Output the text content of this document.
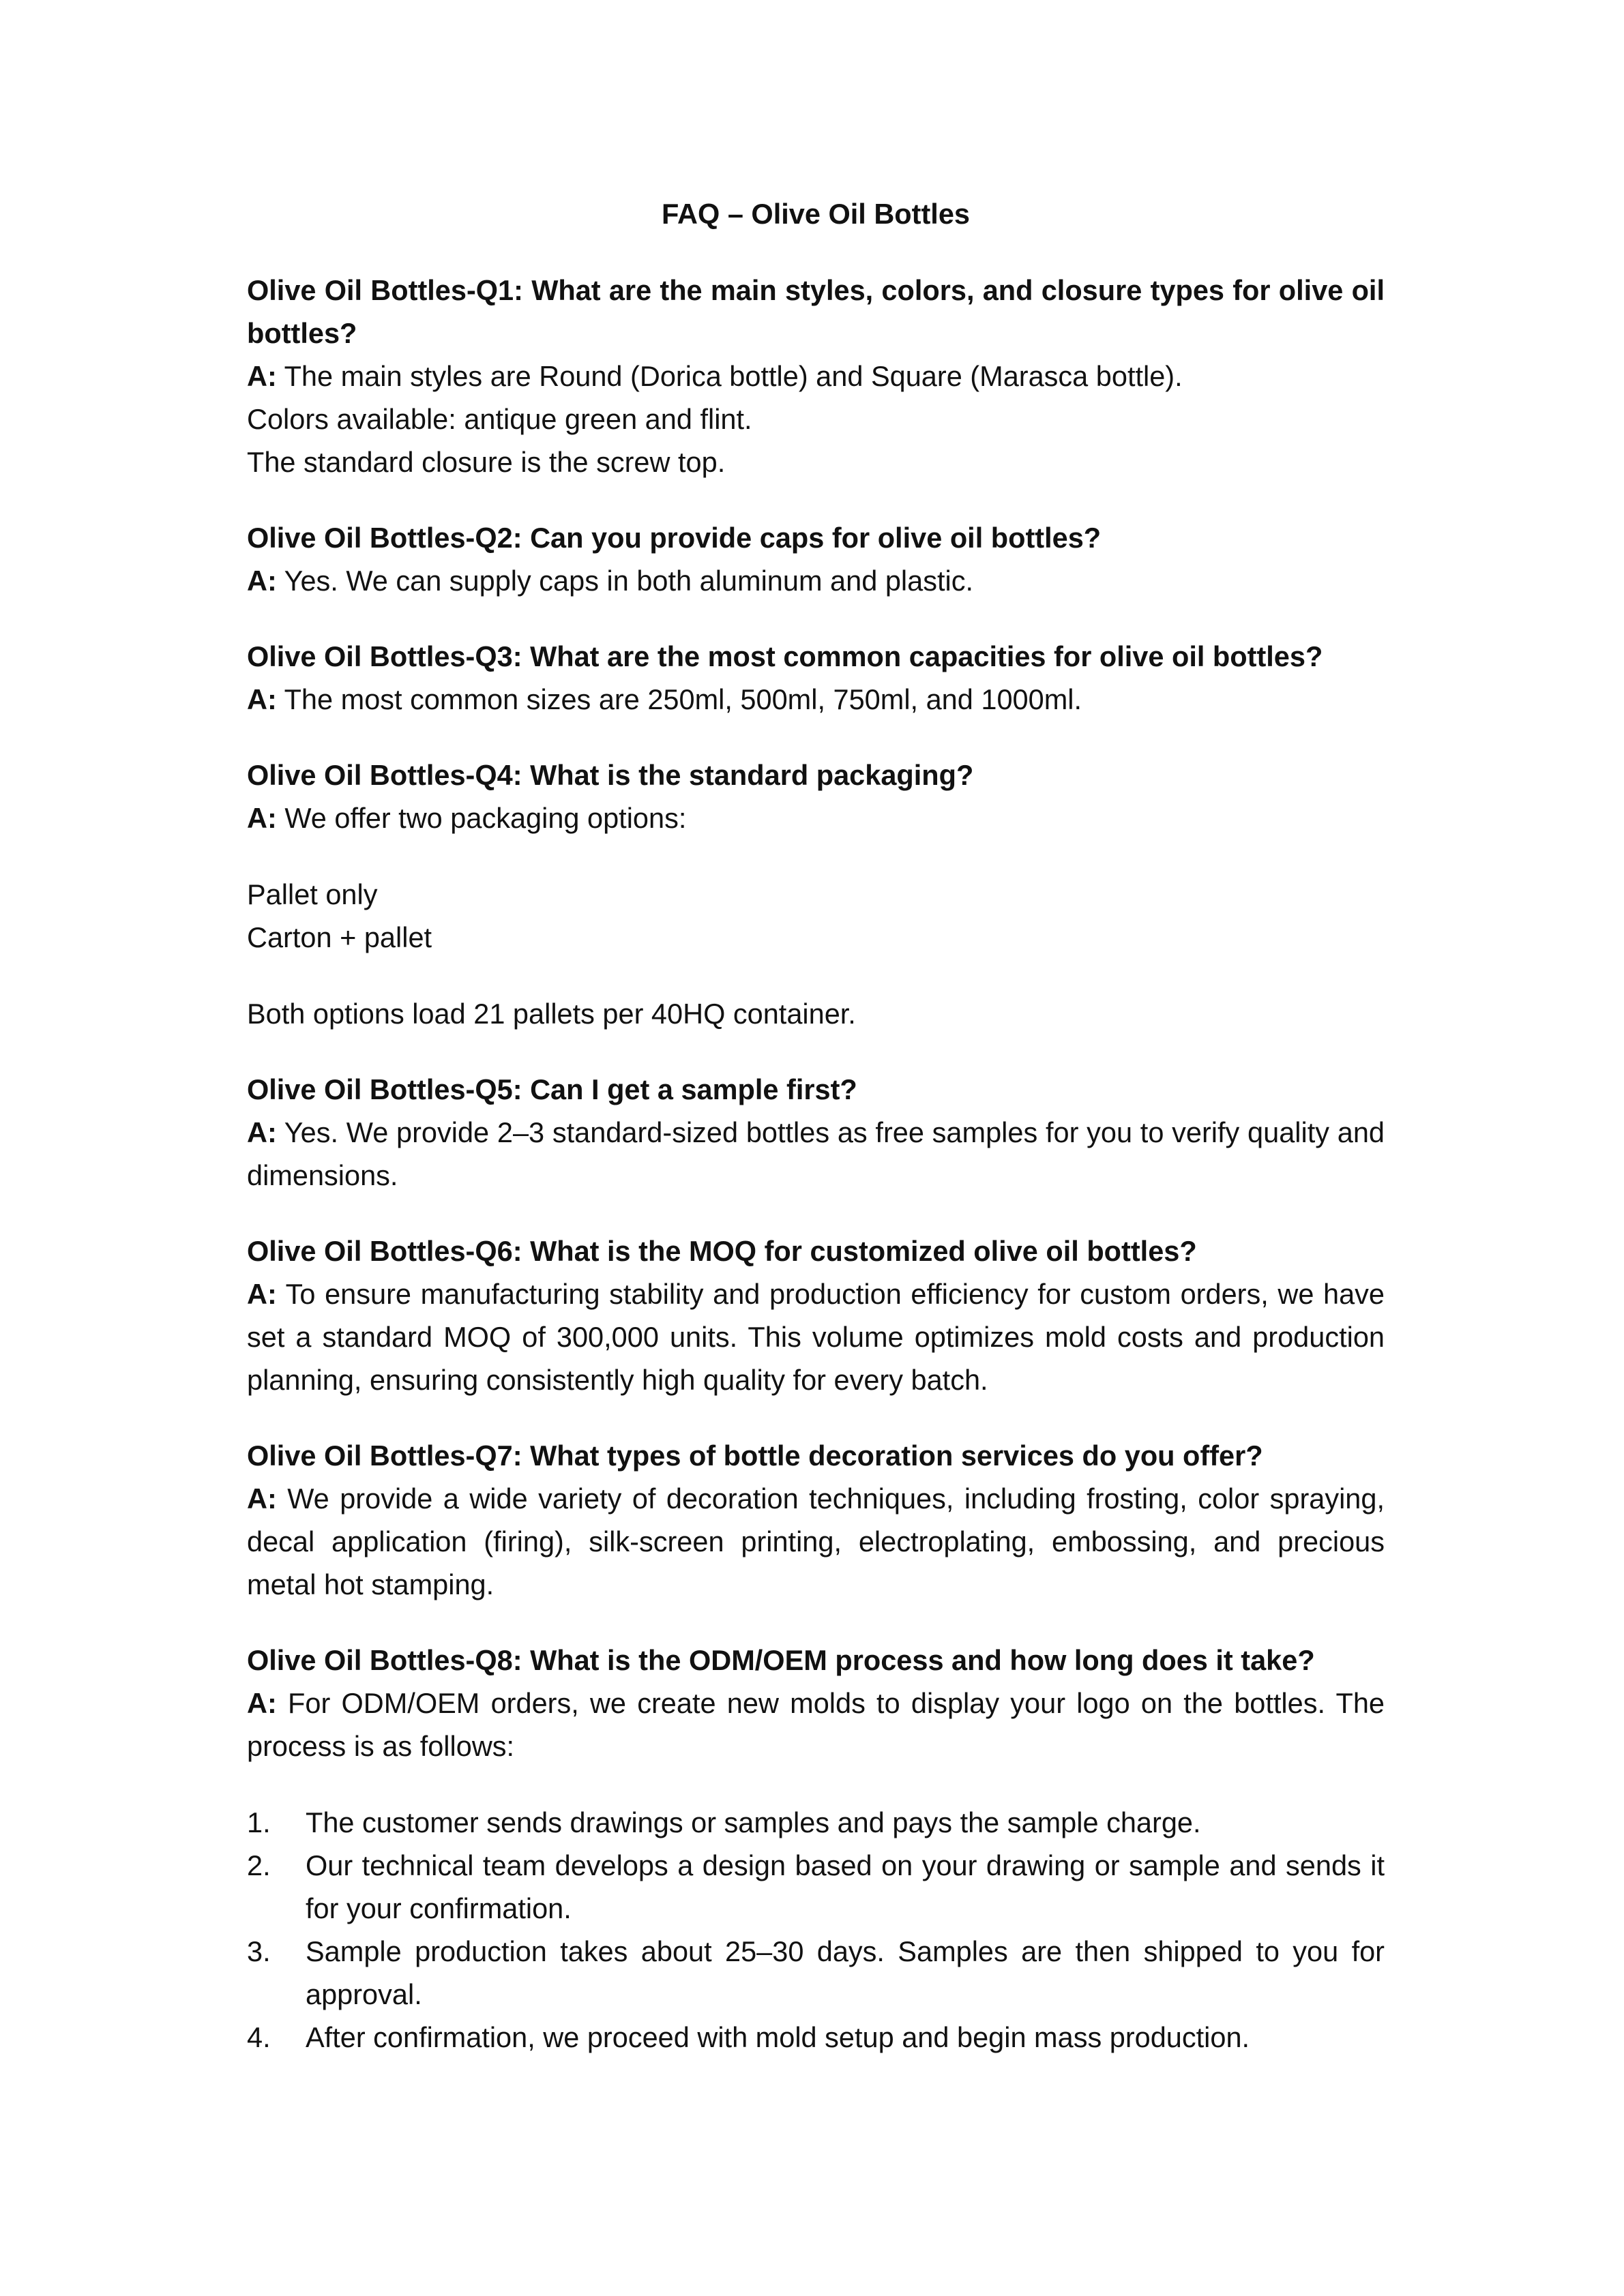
FAQ – Olive Oil Bottles

Olive Oil Bottles-Q1: What are the main styles, colors, and closure types for olive oil bottles?

A: The main styles are Round (Dorica bottle) and Square (Marasca bottle).

Colors available: antique green and flint.

The standard closure is the screw top.

Olive Oil Bottles-Q2: Can you provide caps for olive oil bottles?

A: Yes. We can supply caps in both aluminum and plastic.

Olive Oil Bottles-Q3: What are the most common capacities for olive oil bottles?

A: The most common sizes are 250ml, 500ml, 750ml, and 1000ml.

Olive Oil Bottles-Q4: What is the standard packaging?

A: We offer two packaging options:

Pallet only

Carton + pallet

Both options load 21 pallets per 40HQ container.

Olive Oil Bottles-Q5: Can I get a sample first?

A: Yes. We provide 2–3 standard-sized bottles as free samples for you to verify quality and dimensions.

Olive Oil Bottles-Q6: What is the MOQ for customized olive oil bottles?

A: To ensure manufacturing stability and production efficiency for custom orders, we have set a standard MOQ of 300,000 units. This volume optimizes mold costs and production planning, ensuring consistently high quality for every batch.

Olive Oil Bottles-Q7: What types of bottle decoration services do you offer?

A: We provide a wide variety of decoration techniques, including frosting, color spraying, decal application (firing), silk-screen printing, electroplating, embossing, and precious metal hot stamping.

Olive Oil Bottles-Q8: What is the ODM/OEM process and how long does it take?

A: For ODM/OEM orders, we create new molds to display your logo on the bottles. The process is as follows:

1. The customer sends drawings or samples and pays the sample charge.
2. Our technical team develops a design based on your drawing or sample and sends it for your confirmation.
3. Sample production takes about 25–30 days. Samples are then shipped to you for approval.
4. After confirmation, we proceed with mold setup and begin mass production.
